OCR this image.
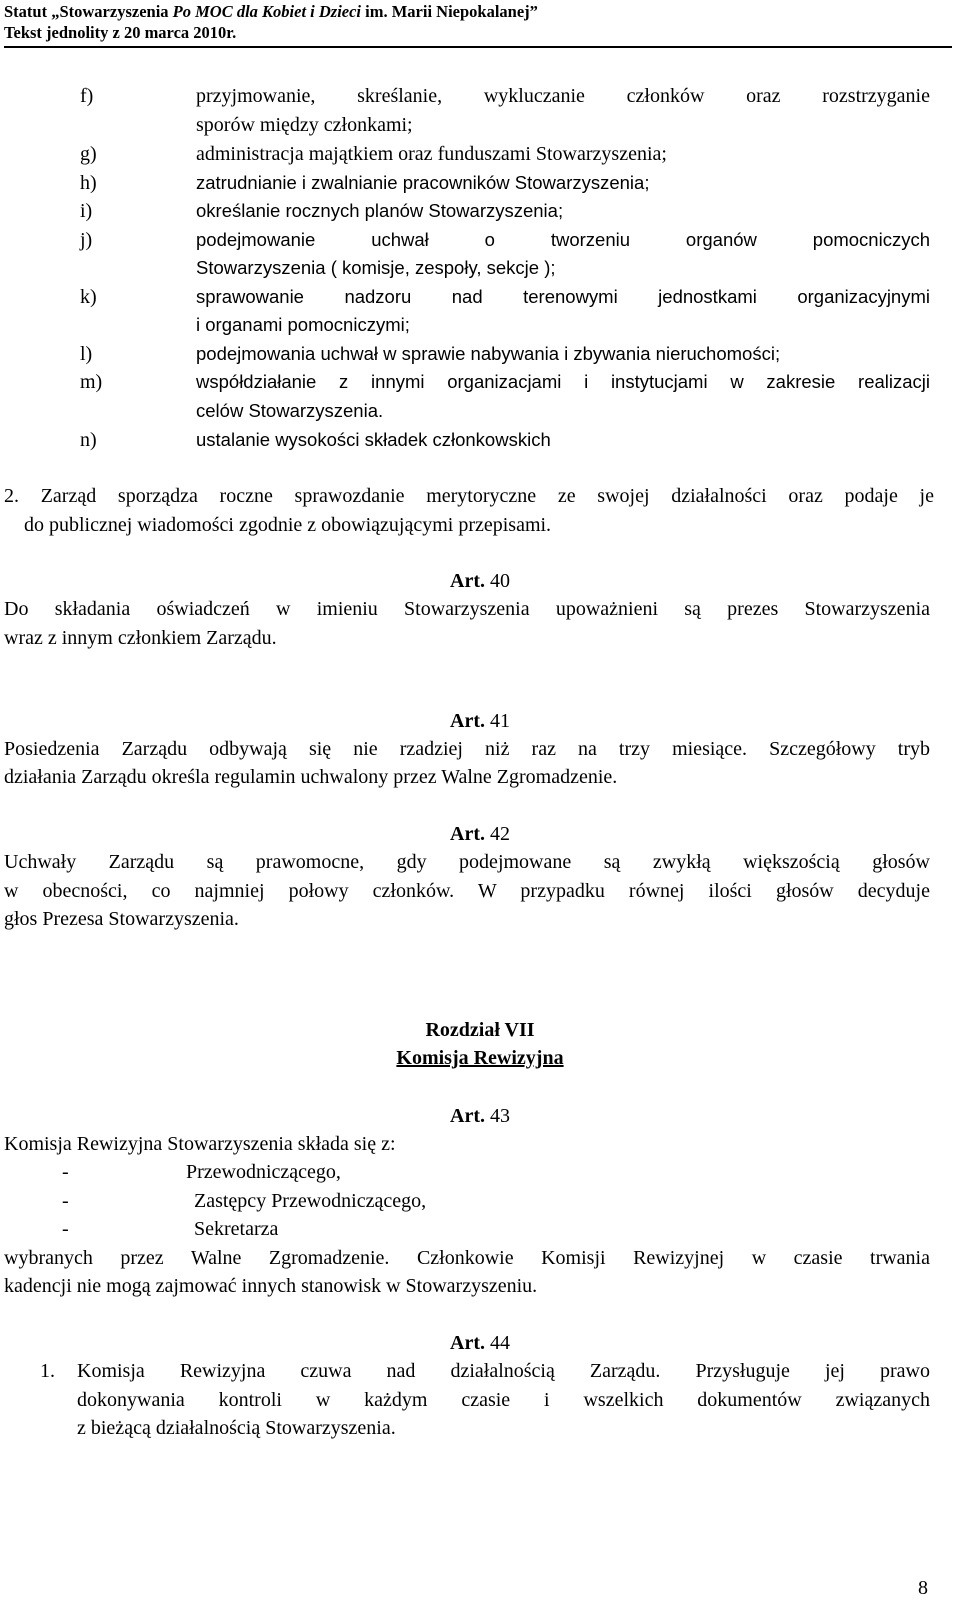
Statut „Stowarzyszenia Po MOC dla Kobiet i Dzieci im. Marii Niepokalanej”
Tekst jednolity z 20 marca 2010r.
f)	przyjmowanie, skreślanie, wykluczanie członków oraz rozstrzyganie
sporów między członkami;
g)	administracja majątkiem oraz funduszami Stowarzyszenia;
h)	zatrudnianie i zwalnianie pracowników Stowarzyszenia;
i)	określanie rocznych planów Stowarzyszenia;
j)	podejmowanie uchwał o tworzeniu organów pomocniczych
Stowarzyszenia ( komisje, zespoły, sekcje );
k)	sprawowanie nadzoru nad terenowymi jednostkami organizacyjnymi
i organami pomocniczymi;
l)	podejmowania uchwał w sprawie nabywania i zbywania nieruchomości;
m)	współdziałanie z innymi organizacjami i instytucjami w zakresie realizacji
celów Stowarzyszenia.
n)	ustalanie wysokości składek członkowskich
2. Zarząd sporządza roczne sprawozdanie merytoryczne ze swojej działalności oraz podaje je
do publicznej wiadomości zgodnie z obowiązującymi przepisami.
Art. 40
Do składania oświadczeń w imieniu Stowarzyszenia upoważnieni są prezes Stowarzyszenia
wraz z innym członkiem Zarządu.
Art. 41
Posiedzenia Zarządu odbywają się nie rzadziej niż raz na trzy miesiące. Szczegółowy tryb
działania Zarządu określa regulamin uchwalony przez Walne Zgromadzenie.
Art. 42
Uchwały Zarządu są prawomocne, gdy podejmowane są zwykłą większością głosów
w obecności, co najmniej połowy członków. W przypadku równej ilości głosów decyduje
głos Prezesa Stowarzyszenia.
Rozdział VII
Komisja Rewizyjna
Art. 43
Komisja Rewizyjna Stowarzyszenia składa się z:
-	Przewodniczącego,
-	Zastępcy Przewodniczącego,
-	Sekretarza
wybranych przez Walne Zgromadzenie. Członkowie Komisji Rewizyjnej w czasie trwania
kadencji nie mogą zajmować innych stanowisk w Stowarzyszeniu.
Art. 44
1. Komisja Rewizyjna czuwa nad działalnością Zarządu. Przysługuje jej prawo
dokonywania kontroli w każdym czasie i wszelkich dokumentów związanych
z bieżącą działalnością Stowarzyszenia.
8
